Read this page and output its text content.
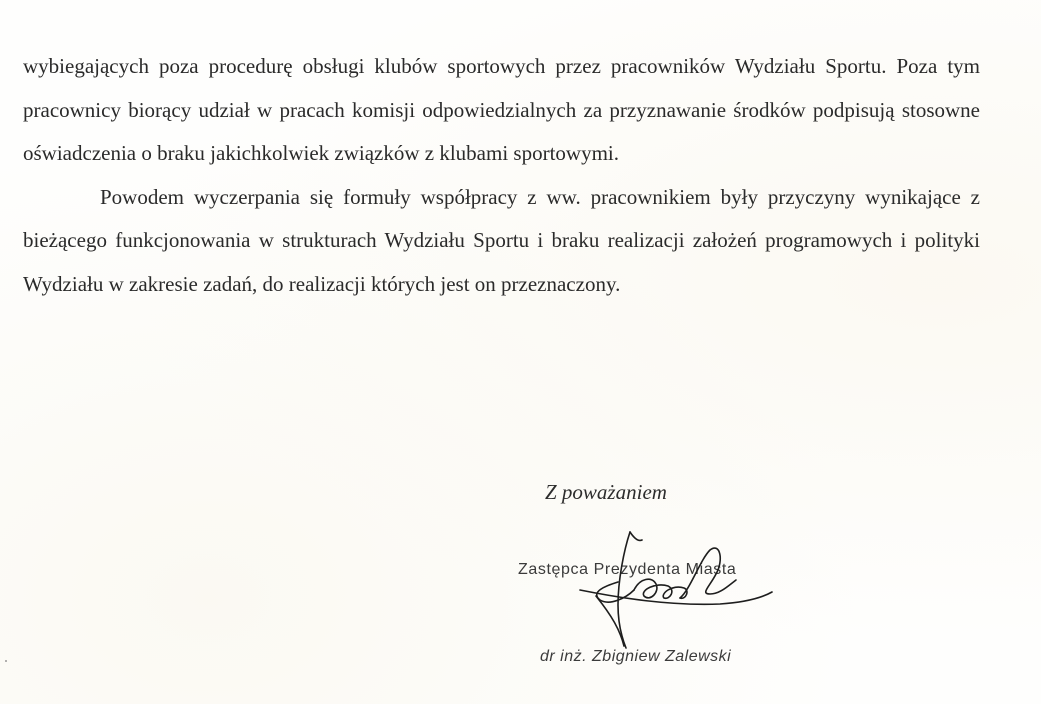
wybiegających poza procedurę obsługi klubów sportowych przez pracowników Wydziału Sportu. Poza tym pracownicy biorący udział w pracach komisji odpowiedzialnych za przyznawanie środków podpisują stosowne oświadczenia o braku jakichkolwiek związków z klubami sportowymi.

Powodem wyczerpania się formuły współpracy z ww. pracownikiem były przyczyny wynikające z bieżącego funkcjonowania w strukturach Wydziału Sportu i braku realizacji założeń programowych i polityki Wydziału w zakresie zadań, do realizacji których jest on przeznaczony.

Z poważaniem
Zastępca Prezydenta Miasta
dr inż. Zbigniew Zalewski
